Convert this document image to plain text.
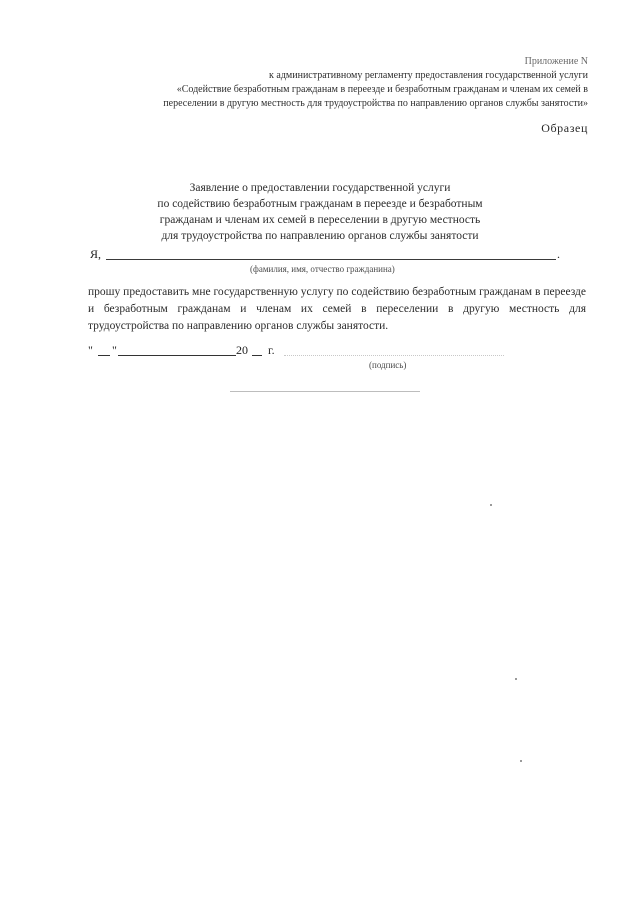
Приложение N
к административному регламенту предоставления государственной услуги
«Содействие безработным гражданам в переезде и безработным гражданам и членам их семей в
переселении в другую местность для трудоустройства по направлению органов службы занятости»
Образец
Заявление о предоставлении государственной услуги
по содействию безработным гражданам в переезде и безработным
гражданам и членам их семей в переселении в другую местность
для трудоустройства по направлению органов службы занятости
Я,	.
(фамилия, имя, отчество гражданина)
прошу предоставить мне государственную услугу по содействию безработным гражданам в переезде и безработным гражданам и членам их семей в переселении в другую местность для трудоустройства по направлению органов службы занятости.
" "	20 г.
(подпись)
